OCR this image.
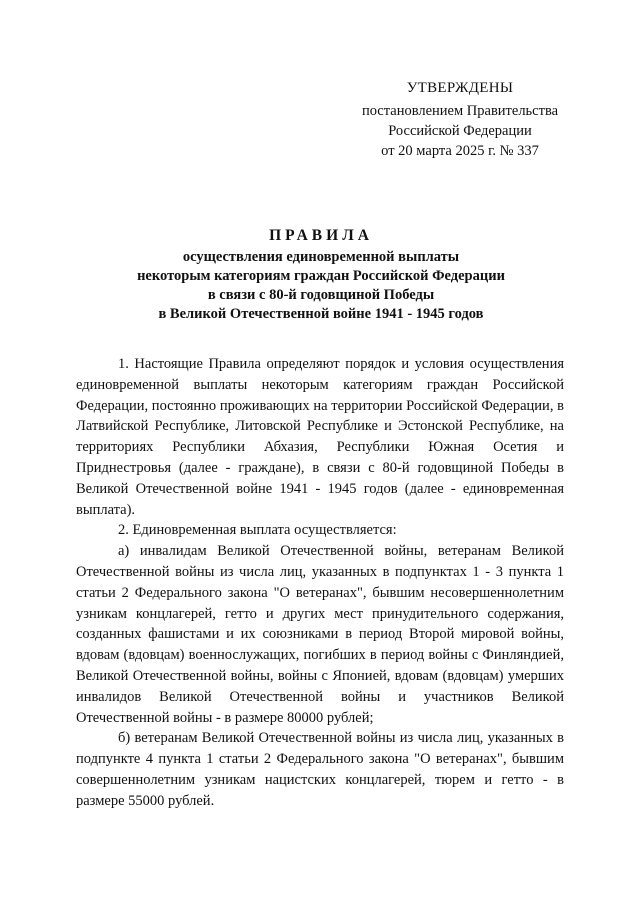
УТВЕРЖДЕНЫ
постановлением Правительства
Российской Федерации
от 20 марта 2025 г. № 337
ПРАВИЛА
осуществления единовременной выплаты
некоторым категориям граждан Российской Федерации
в связи с 80-й годовщиной Победы
в Великой Отечественной войне 1941 - 1945 годов

1. Настоящие Правила определяют порядок и условия осуществления единовременной выплаты некоторым категориям граждан Российской Федерации, постоянно проживающих на территории Российской Федерации, в Латвийской Республике, Литовской Республике и Эстонской Республике, на территориях Республики Абхазия, Республики Южная Осетия и Приднестровья (далее - граждане), в связи с 80-й годовщиной Победы в Великой Отечественной войне 1941 - 1945 годов (далее - единовременная выплата).

2. Единовременная выплата осуществляется:

а) инвалидам Великой Отечественной войны, ветеранам Великой Отечественной войны из числа лиц, указанных в подпунктах 1 - 3 пункта 1 статьи 2 Федерального закона "О ветеранах", бывшим несовершеннолетним узникам концлагерей, гетто и других мест принудительного содержания, созданных фашистами и их союзниками в период Второй мировой войны, вдовам (вдовцам) военнослужащих, погибших в период войны с Финляндией, Великой Отечественной войны, войны с Японией, вдовам (вдовцам) умерших инвалидов Великой Отечественной войны и участников Великой Отечественной войны - в размере 80000 рублей;

б) ветеранам Великой Отечественной войны из числа лиц, указанных в подпункте 4 пункта 1 статьи 2 Федерального закона "О ветеранах", бывшим совершеннолетним узникам нацистских концлагерей, тюрем и гетто - в размере 55000 рублей.
